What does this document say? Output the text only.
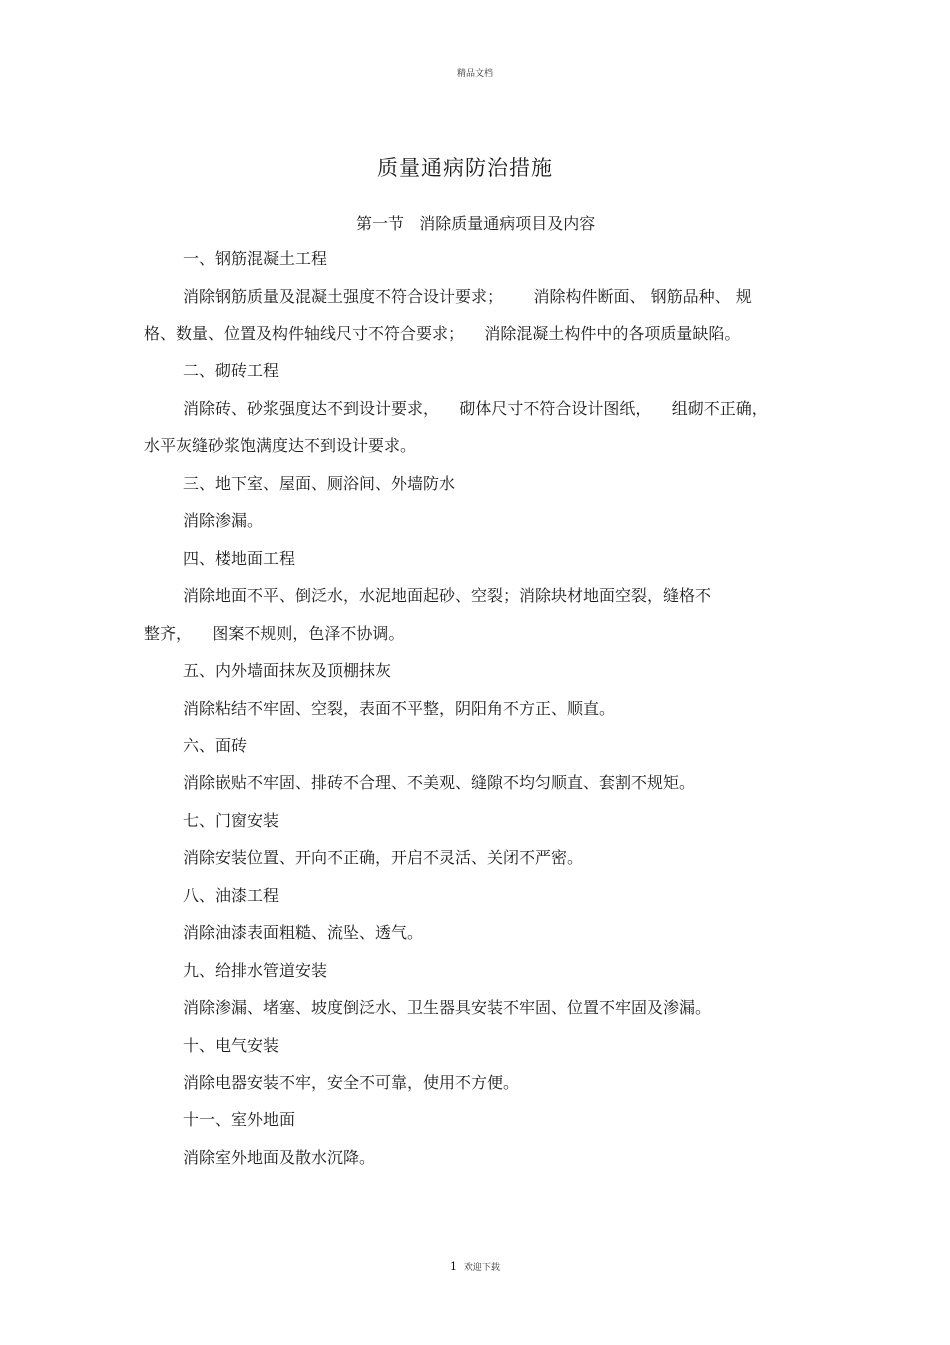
精品文档
质量通病防治措施
第一节   消除质量通病项目及内容
一、钢筋混凝土工程
消除钢筋质量及混凝土强度不符合设计要求；      消除构件断面、 钢筋品种、 规
格、数量、位置及构件轴线尺寸不符合要求；    消除混凝土构件中的各项质量缺陷。
二、砌砖工程
消除砖、砂浆强度达不到设计要求，    砌体尺寸不符合设计图纸，    组砌不正确，
水平灰缝砂浆饱满度达不到设计要求。
三、地下室、屋面、厕浴间、外墙防水
消除渗漏。
四、楼地面工程
消除地面不平、倒泛水，水泥地面起砂、空裂；消除块材地面空裂，缝格不
整齐，    图案不规则，色泽不协调。
五、内外墙面抹灰及顶棚抹灰
消除粘结不牢固、空裂，表面不平整，阴阳角不方正、顺直。
六、面砖
消除嵌贴不牢固、排砖不合理、不美观、缝隙不均匀顺直、套割不规矩。
七、门窗安装
消除安装位置、开向不正确，开启不灵活、关闭不严密。
八、油漆工程
消除油漆表面粗糙、流坠、透气。
九、给排水管道安装
消除渗漏、堵塞、坡度倒泛水、卫生器具安装不牢固、位置不牢固及渗漏。
十、电气安装
消除电器安装不牢，安全不可靠，使用不方便。
十一、室外地面
消除室外地面及散水沉降。
1 欢迎下载
